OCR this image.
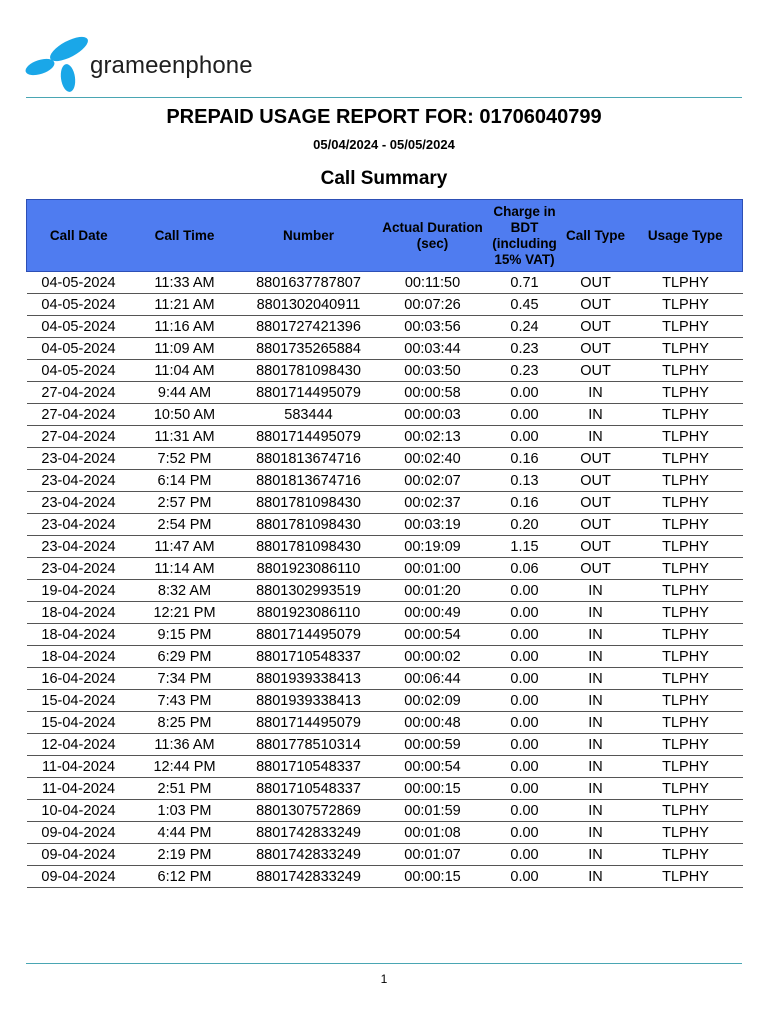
grameenphone
PREPAID USAGE REPORT FOR: 01706040799
05/04/2024 - 05/05/2024
Call Summary
Call Date	Call Time	Number	Actual Duration (sec)	Charge in BDT (including 15% VAT)	Call Type	Usage Type
04-05-2024	11:33 AM	8801637787807	00:11:50	0.71	OUT	TLPHY
04-05-2024	11:21 AM	8801302040911	00:07:26	0.45	OUT	TLPHY
04-05-2024	11:16 AM	8801727421396	00:03:56	0.24	OUT	TLPHY
04-05-2024	11:09 AM	8801735265884	00:03:44	0.23	OUT	TLPHY
04-05-2024	11:04 AM	8801781098430	00:03:50	0.23	OUT	TLPHY
27-04-2024	9:44 AM	8801714495079	00:00:58	0.00	IN	TLPHY
27-04-2024	10:50 AM	583444	00:00:03	0.00	IN	TLPHY
27-04-2024	11:31 AM	8801714495079	00:02:13	0.00	IN	TLPHY
23-04-2024	7:52 PM	8801813674716	00:02:40	0.16	OUT	TLPHY
23-04-2024	6:14 PM	8801813674716	00:02:07	0.13	OUT	TLPHY
23-04-2024	2:57 PM	8801781098430	00:02:37	0.16	OUT	TLPHY
23-04-2024	2:54 PM	8801781098430	00:03:19	0.20	OUT	TLPHY
23-04-2024	11:47 AM	8801781098430	00:19:09	1.15	OUT	TLPHY
23-04-2024	11:14 AM	8801923086110	00:01:00	0.06	OUT	TLPHY
19-04-2024	8:32 AM	8801302993519	00:01:20	0.00	IN	TLPHY
18-04-2024	12:21 PM	8801923086110	00:00:49	0.00	IN	TLPHY
18-04-2024	9:15 PM	8801714495079	00:00:54	0.00	IN	TLPHY
18-04-2024	6:29 PM	8801710548337	00:00:02	0.00	IN	TLPHY
16-04-2024	7:34 PM	8801939338413	00:06:44	0.00	IN	TLPHY
15-04-2024	7:43 PM	8801939338413	00:02:09	0.00	IN	TLPHY
15-04-2024	8:25 PM	8801714495079	00:00:48	0.00	IN	TLPHY
12-04-2024	11:36 AM	8801778510314	00:00:59	0.00	IN	TLPHY
11-04-2024	12:44 PM	8801710548337	00:00:54	0.00	IN	TLPHY
11-04-2024	2:51 PM	8801710548337	00:00:15	0.00	IN	TLPHY
10-04-2024	1:03 PM	8801307572869	00:01:59	0.00	IN	TLPHY
09-04-2024	4:44 PM	8801742833249	00:01:08	0.00	IN	TLPHY
09-04-2024	2:19 PM	8801742833249	00:01:07	0.00	IN	TLPHY
09-04-2024	6:12 PM	8801742833249	00:00:15	0.00	IN	TLPHY
1
